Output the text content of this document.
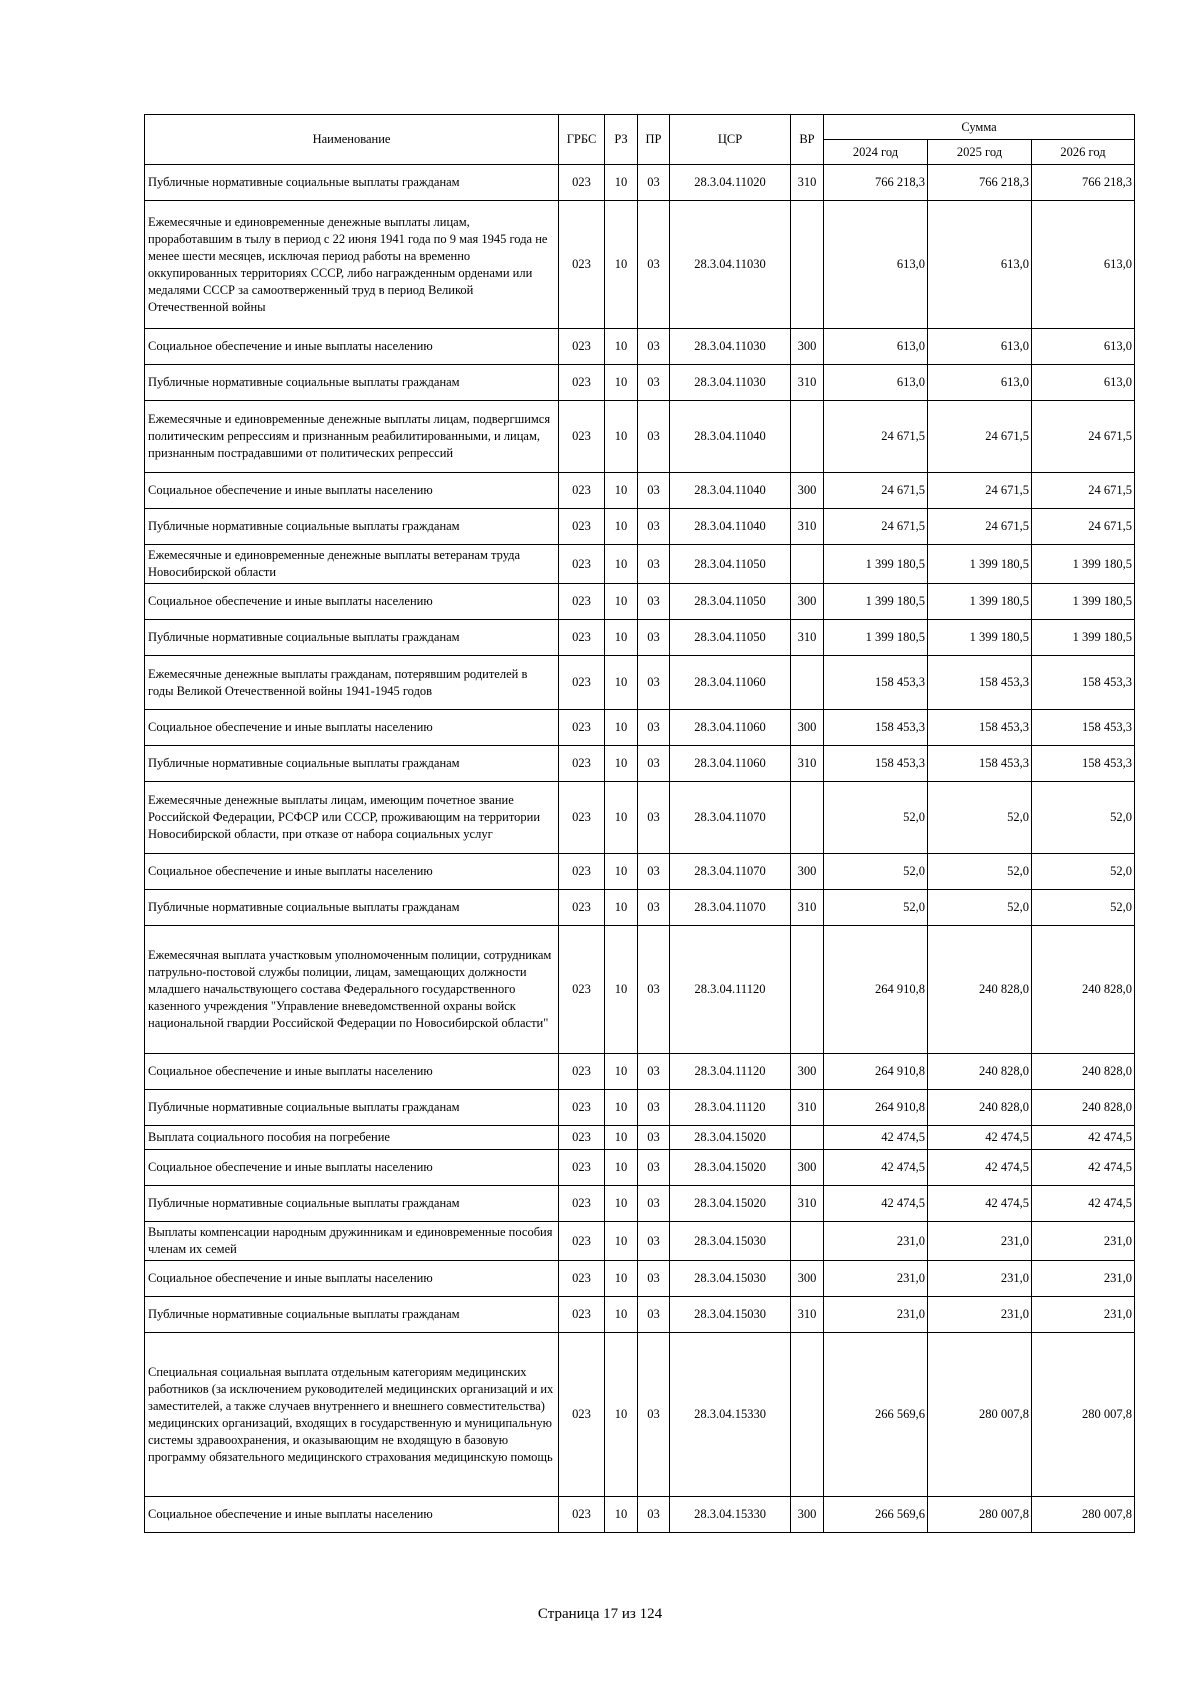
Наименование	ГРБС	РЗ	ПР	ЦСР	ВР	Сумма		
						2024 год	2025 год	2026 год
Публичные нормативные социальные выплаты гражданам	023	10	03	28.3.04.11020	310	766 218,3	766 218,3	766 218,3
Ежемесячные и единовременные денежные выплаты лицам, проработавшим в тылу в период с 22 июня 1941 года по 9 мая 1945 года не менее шести месяцев, исключая период работы на временно оккупированных территориях СССР, либо награжденным орденами или медалями СССР за самоотверженный труд в период Великой Отечественной войны	023	10	03	28.3.04.11030		613,0	613,0	613,0
Социальное обеспечение и иные выплаты населению	023	10	03	28.3.04.11030	300	613,0	613,0	613,0
Публичные нормативные социальные выплаты гражданам	023	10	03	28.3.04.11030	310	613,0	613,0	613,0
Ежемесячные и единовременные денежные выплаты лицам, подвергшимся политическим репрессиям и признанным реабилитированными, и лицам, признанным пострадавшими от политических репрессий	023	10	03	28.3.04.11040		24 671,5	24 671,5	24 671,5
Социальное обеспечение и иные выплаты населению	023	10	03	28.3.04.11040	300	24 671,5	24 671,5	24 671,5
Публичные нормативные социальные выплаты гражданам	023	10	03	28.3.04.11040	310	24 671,5	24 671,5	24 671,5
Ежемесячные и единовременные денежные выплаты ветеранам труда Новосибирской области	023	10	03	28.3.04.11050		1 399 180,5	1 399 180,5	1 399 180,5
Социальное обеспечение и иные выплаты населению	023	10	03	28.3.04.11050	300	1 399 180,5	1 399 180,5	1 399 180,5
Публичные нормативные социальные выплаты гражданам	023	10	03	28.3.04.11050	310	1 399 180,5	1 399 180,5	1 399 180,5
Ежемесячные денежные выплаты гражданам, потерявшим родителей в годы Великой Отечественной войны 1941-1945 годов	023	10	03	28.3.04.11060		158 453,3	158 453,3	158 453,3
Социальное обеспечение и иные выплаты населению	023	10	03	28.3.04.11060	300	158 453,3	158 453,3	158 453,3
Публичные нормативные социальные выплаты гражданам	023	10	03	28.3.04.11060	310	158 453,3	158 453,3	158 453,3
Ежемесячные денежные выплаты лицам, имеющим почетное звание Российской Федерации, РСФСР или СССР, проживающим на территории Новосибирской области, при отказе от набора социальных услуг	023	10	03	28.3.04.11070		52,0	52,0	52,0
Социальное обеспечение и иные выплаты населению	023	10	03	28.3.04.11070	300	52,0	52,0	52,0
Публичные нормативные социальные выплаты гражданам	023	10	03	28.3.04.11070	310	52,0	52,0	52,0
Ежемесячная выплата участковым уполномоченным полиции, сотрудникам патрульно-постовой службы полиции, лицам, замещающих должности младшего начальствующего состава Федерального государственного казенного учреждения "Управление вневедомственной охраны войск национальной гвардии Российской Федерации по Новосибирской области"	023	10	03	28.3.04.11120		264 910,8	240 828,0	240 828,0
Социальное обеспечение и иные выплаты населению	023	10	03	28.3.04.11120	300	264 910,8	240 828,0	240 828,0
Публичные нормативные социальные выплаты гражданам	023	10	03	28.3.04.11120	310	264 910,8	240 828,0	240 828,0
Выплата социального пособия на погребение	023	10	03	28.3.04.15020		42 474,5	42 474,5	42 474,5
Социальное обеспечение и иные выплаты населению	023	10	03	28.3.04.15020	300	42 474,5	42 474,5	42 474,5
Публичные нормативные социальные выплаты гражданам	023	10	03	28.3.04.15020	310	42 474,5	42 474,5	42 474,5
Выплаты компенсации народным дружинникам и единовременные пособия членам их семей	023	10	03	28.3.04.15030		231,0	231,0	231,0
Социальное обеспечение и иные выплаты населению	023	10	03	28.3.04.15030	300	231,0	231,0	231,0
Публичные нормативные социальные выплаты гражданам	023	10	03	28.3.04.15030	310	231,0	231,0	231,0
Специальная социальная выплата отдельным категориям медицинских работников (за исключением руководителей медицинских организаций и их заместителей, а также случаев внутреннего и внешнего совместительства) медицинских организаций, входящих в государственную и муниципальную системы здравоохранения, и оказывающим не входящую в базовую программу обязательного медицинского страхования медицинскую помощь	023	10	03	28.3.04.15330		266 569,6	280 007,8	280 007,8
Социальное обеспечение и иные выплаты населению	023	10	03	28.3.04.15330	300	266 569,6	280 007,8	280 007,8
Страница 17 из 124
